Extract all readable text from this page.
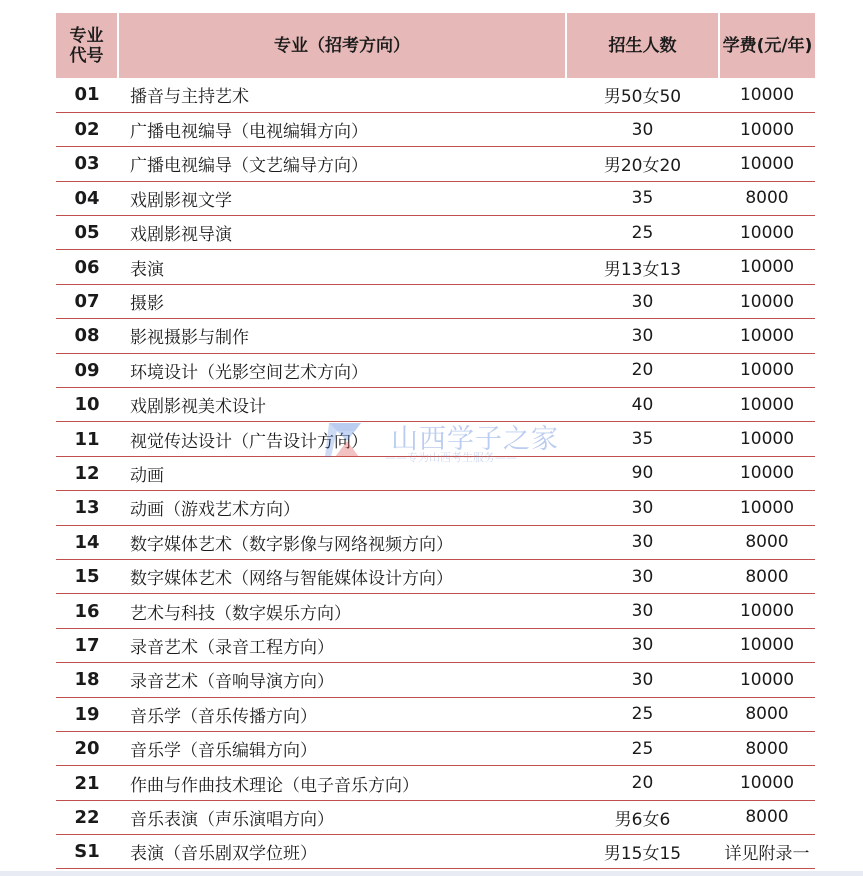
专业
代号	专业（招考方向）	招生人数	学费(元/年)
01	播音与主持艺术	男50女50	10000
02	广播电视编导（电视编辑方向）	30	10000
03	广播电视编导（文艺编导方向）	男20女20	10000
04	戏剧影视文学	35	8000
05	戏剧影视导演	25	10000
06	表演	男13女13	10000
07	摄影	30	10000
08	影视摄影与制作	30	10000
09	环境设计（光影空间艺术方向）	20	10000
10	戏剧影视美术设计	40	10000
11	视觉传达设计（广告设计方向）	35	10000
12	动画	90	10000
13	动画（游戏艺术方向）	30	10000
14	数字媒体艺术（数字影像与网络视频方向）	30	8000
15	数字媒体艺术（网络与智能媒体设计方向）	30	8000
16	艺术与科技（数字娱乐方向）	30	10000
17	录音艺术（录音工程方向）	30	10000
18	录音艺术（音响导演方向）	30	10000
19	音乐学（音乐传播方向）	25	8000
20	音乐学（音乐编辑方向）	25	8000
21	作曲与作曲技术理论（电子音乐方向）	20	10000
22	音乐表演（声乐演唱方向）	男6女6	8000
S1	表演（音乐剧双学位班）	男15女15	详见附录一
山西学子之家
——专为山西考生服务——
